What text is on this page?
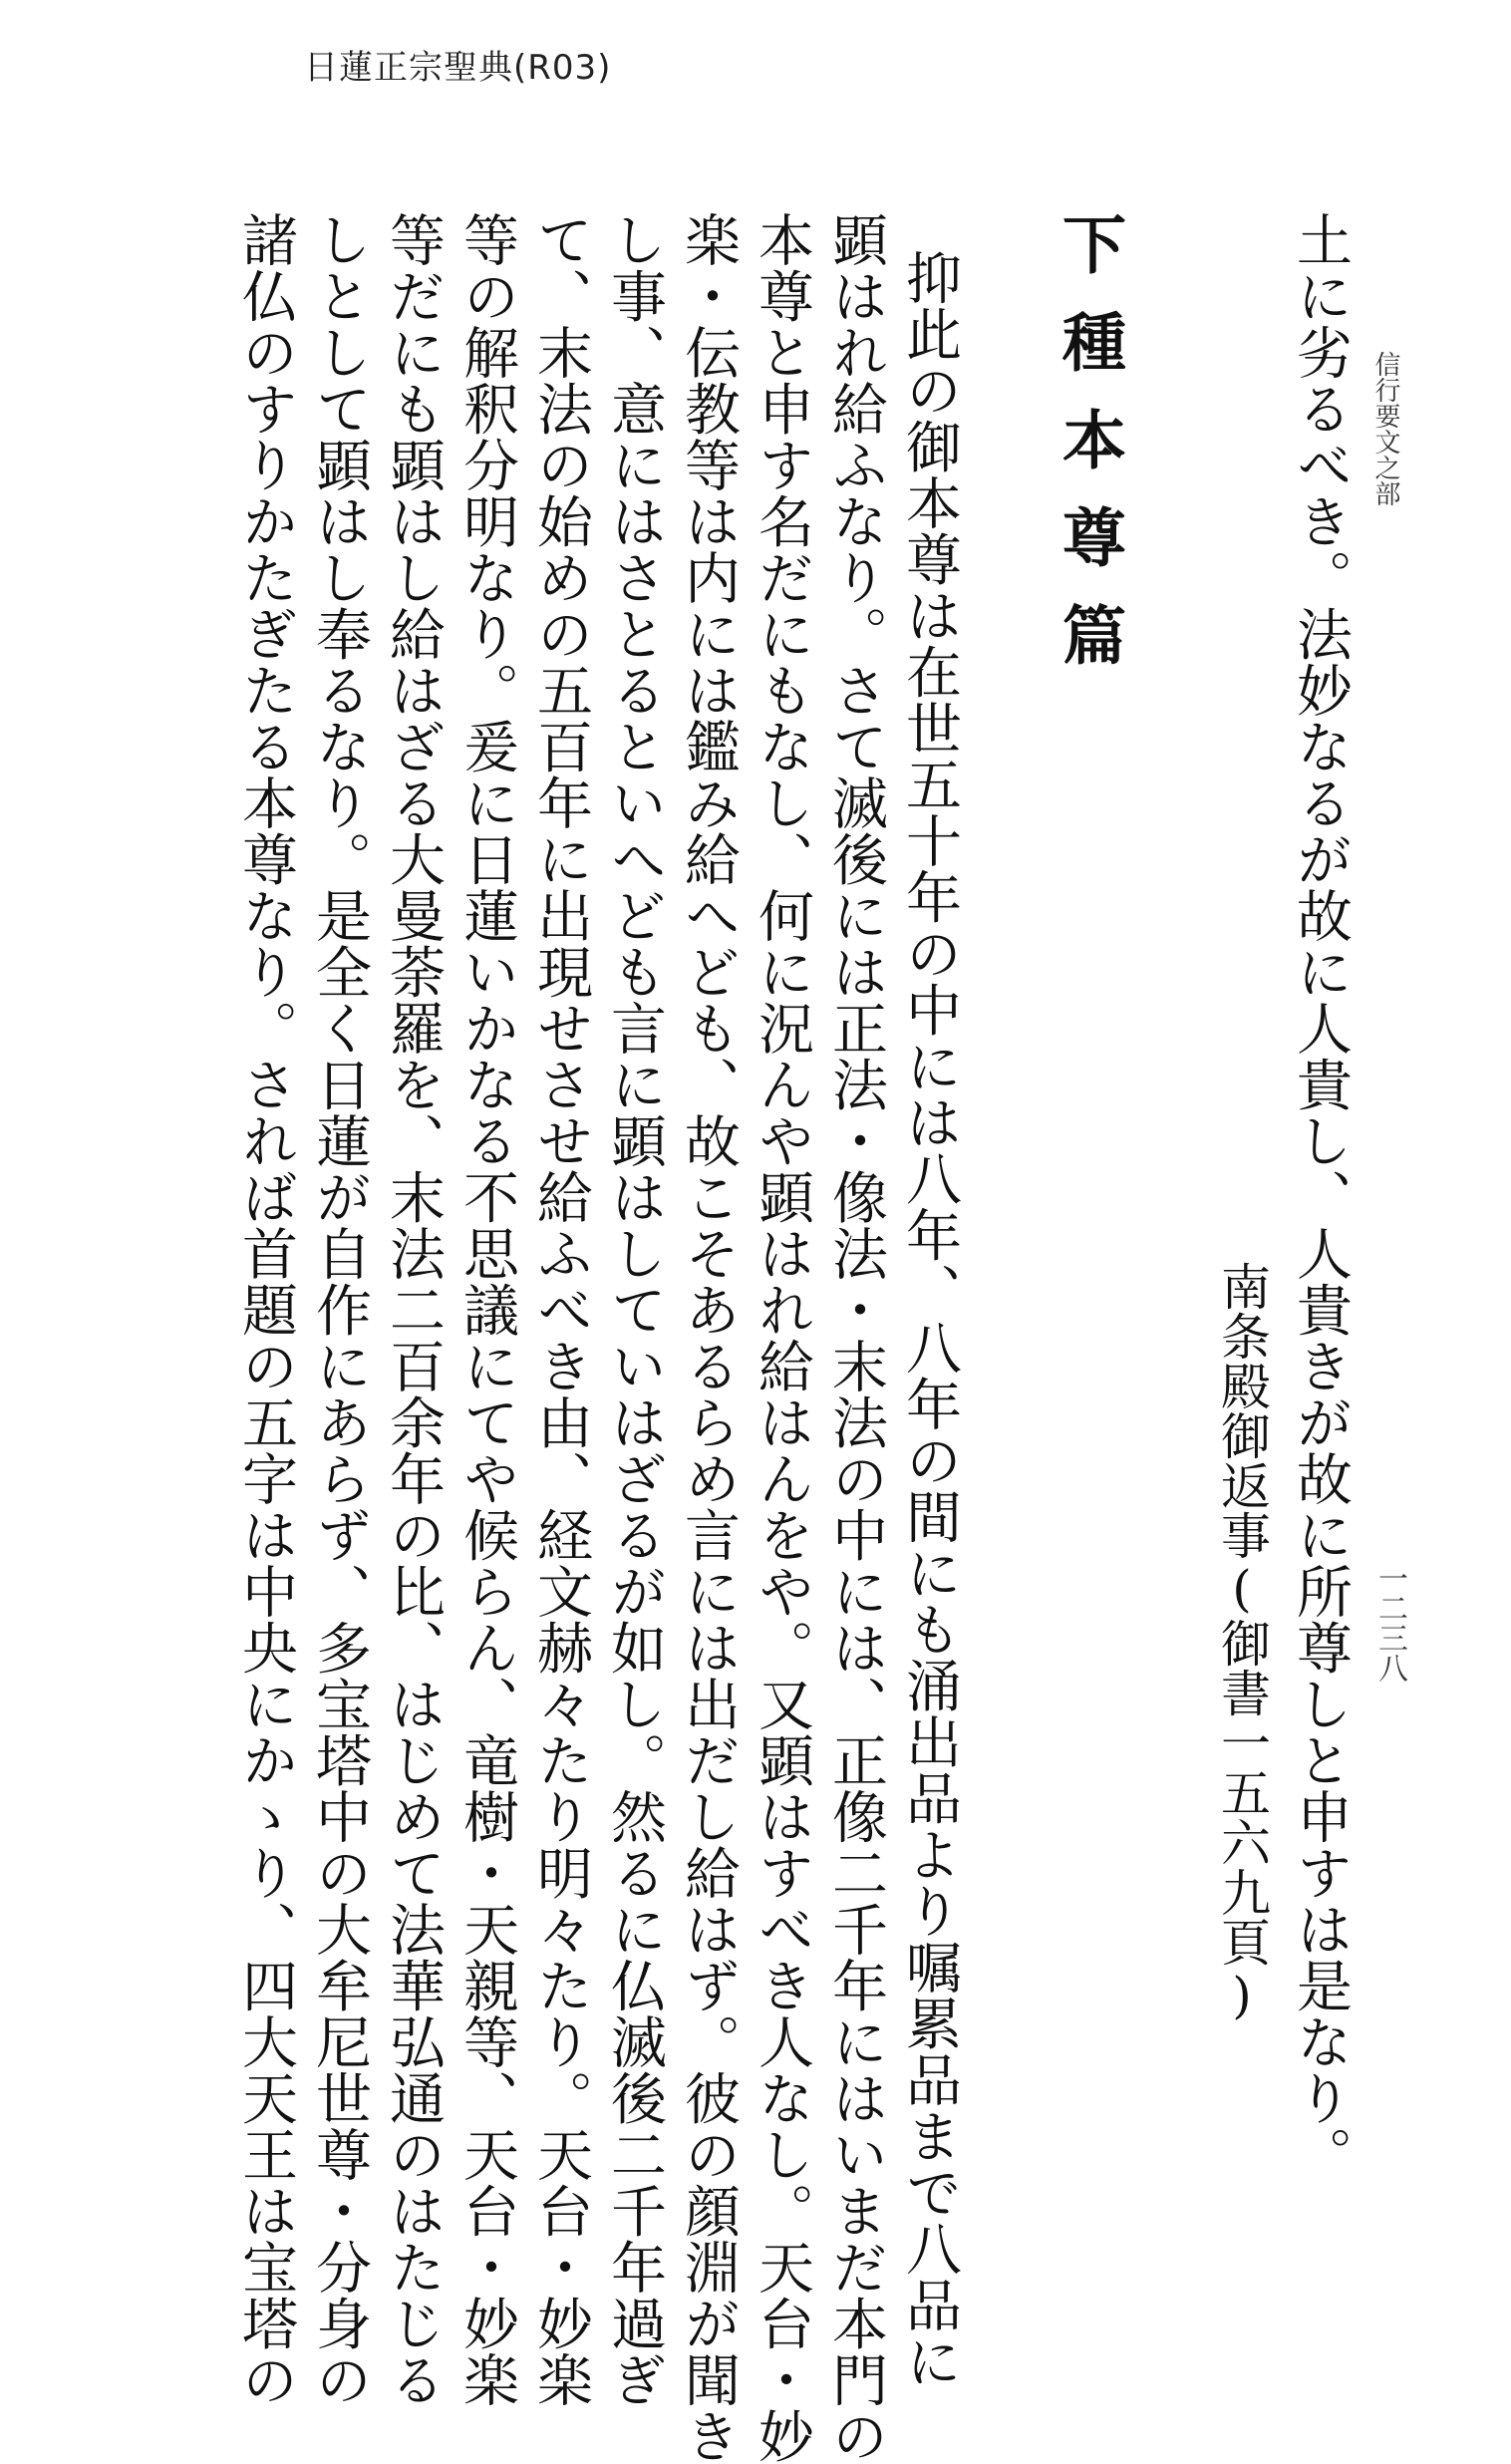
日蓮正宗聖典(R03)
信行要文之部
一二三八
土に劣るべき。法妙なるが故に人貴し、人貴きが故に所尊しと申すは是なり。
南条殿御返事(御書一五六九頁)
下種本尊篇
抑此の御本尊は在世五十年の中には八年、八年の間にも涌出品より嘱累品まで八品に
顕はれ給ふなり。さて滅後には正法・像法・末法の中には、正像二千年にはいまだ本門の
本尊と申す名だにもなし、何に況んや顕はれ給はんをや。又顕はすべき人なし。天台・妙
楽・伝教等は内には鑑み給へども、故こそあるらめ言には出だし給はず。彼の顔淵が聞き
し事、意にはさとるといへども言に顕はしていはざるが如し。然るに仏滅後二千年過ぎ
て、末法の始めの五百年に出現せさせ給ふべき由、経文赫々たり明々たり。天台・妙楽
等の解釈分明なり。爰に日蓮いかなる不思議にてや候らん、竜樹・天親等、天台・妙楽
等だにも顕はし給はざる大曼荼羅を、末法二百余年の比、はじめて法華弘通のはたじる
しとして顕はし奉るなり。是全く日蓮が自作にあらず、多宝塔中の大牟尼世尊・分身の
諸仏のすりかたぎたる本尊なり。されば首題の五字は中央にかゝり、四大天王は宝塔の
